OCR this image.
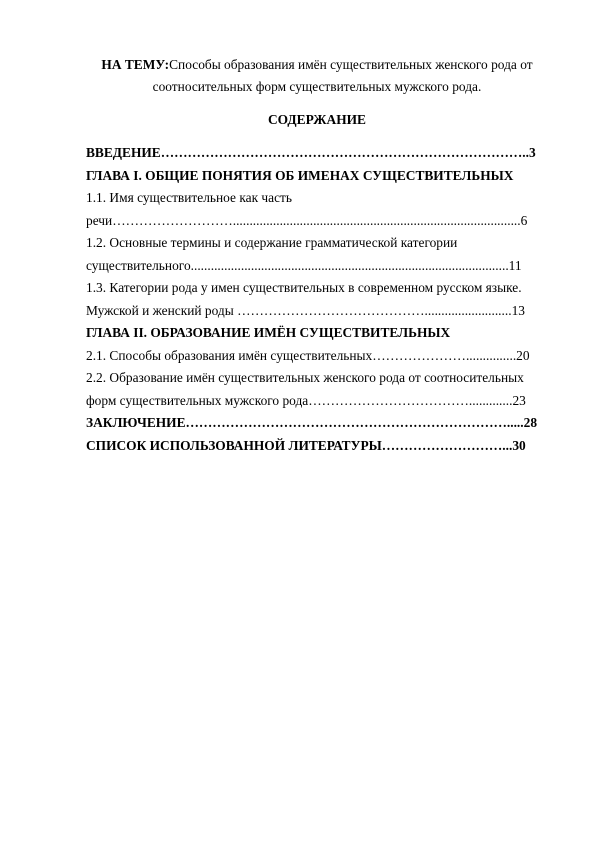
НА ТЕМУ:Способы образования имён существительных женского рода от
соотносительных форм существительных мужского рода.
СОДЕРЖАНИЕ
ВВЕДЕНИЕ………………………………………………………………………..3
ГЛАВА I. ОБЩИЕ ПОНЯТИЯ ОБ ИМЕНАХ СУЩЕСТВИТЕЛЬНЫХ
1.1. Имя существительное как часть
речи………………………......................................................................................6
1.2. Основные термины и содержание грамматической категории
существительного...............................................................................................11
1.3. Категории рода у имен существительных в современном русском языке.
Мужской и женский роды ……………………………………..........................13
ГЛАВА II. ОБРАЗОВАНИЕ ИМЁН СУЩЕСТВИТЕЛЬНЫХ
2.1. Способы образования имён существительных…………………...............20
2.2. Образование имён существительных женского рода от соотносительных
форм существительных мужского рода……………………………….............23
ЗАКЛЮЧЕНИЕ……………………………………………………………….....28
СПИСОК ИСПОЛЬЗОВАННОЙ ЛИТЕРАТУРЫ………………………...30
